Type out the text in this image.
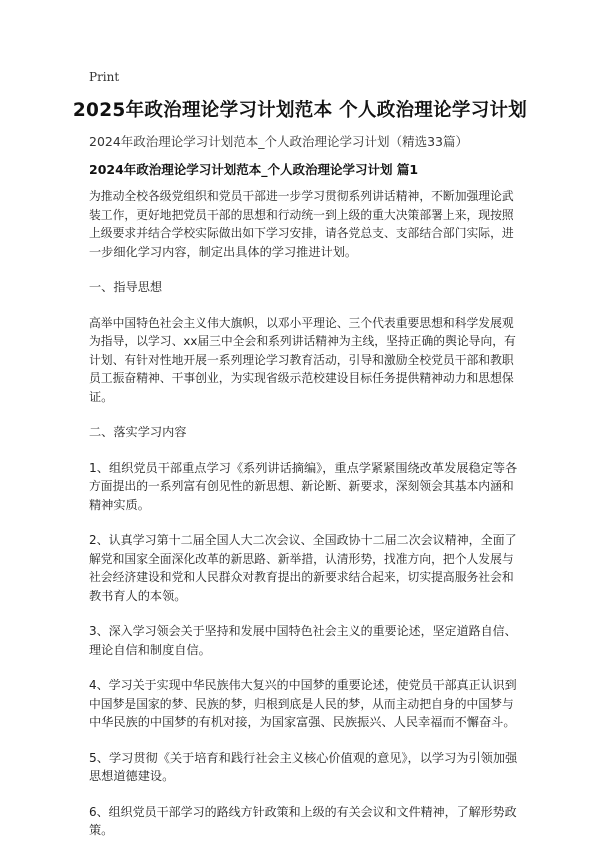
Print
2025年政治理论学习计划范本 个人政治理论学习计划
2024年政治理论学习计划范本_个人政治理论学习计划（精选33篇）
2024年政治理论学习计划范本_个人政治理论学习计划 篇1
为推动全校各级党组织和党员干部进一步学习贯彻系列讲话精神，不断加强理论武
装工作，更好地把党员干部的思想和行动统一到上级的重大决策部署上来，现按照
上级要求并结合学校实际做出如下学习安排，请各党总支、支部结合部门实际，进
一步细化学习内容，制定出具体的学习推进计划。
一、指导思想
高举中国特色社会主义伟大旗帜，以邓小平理论、三个代表重要思想和科学发展观
为指导，以学习、xx届三中全会和系列讲话精神为主线，坚持正确的舆论导向，有
计划、有针对性地开展一系列理论学习教育活动，引导和激励全校党员干部和教职
员工振奋精神、干事创业，为实现省级示范校建设目标任务提供精神动力和思想保
证。
二、落实学习内容
1、组织党员干部重点学习《系列讲话摘编》，重点学紧紧围绕改革发展稳定等各
方面提出的一系列富有创见性的新思想、新论断、新要求，深刻领会其基本内涵和
精神实质。
2、认真学习第十二届全国人大二次会议、全国政协十二届二次会议精神，全面了
解党和国家全面深化改革的新思路、新举措，认清形势，找准方向，把个人发展与
社会经济建设和党和人民群众对教育提出的新要求结合起来，切实提高服务社会和
教书育人的本领。
3、深入学习领会关于坚持和发展中国特色社会主义的重要论述，坚定道路自信、
理论自信和制度自信。
4、学习关于实现中华民族伟大复兴的中国梦的重要论述，使党员干部真正认识到
中国梦是国家的梦、民族的梦，归根到底是人民的梦，从而主动把自身的中国梦与
中华民族的中国梦的有机对接，为国家富强、民族振兴、人民幸福而不懈奋斗。
5、学习贯彻《关于培育和践行社会主义核心价值观的意见》，以学习为引领加强
思想道德建设。
6、组织党员干部学习的路线方针政策和上级的有关会议和文件精神，了解形势政
策。
